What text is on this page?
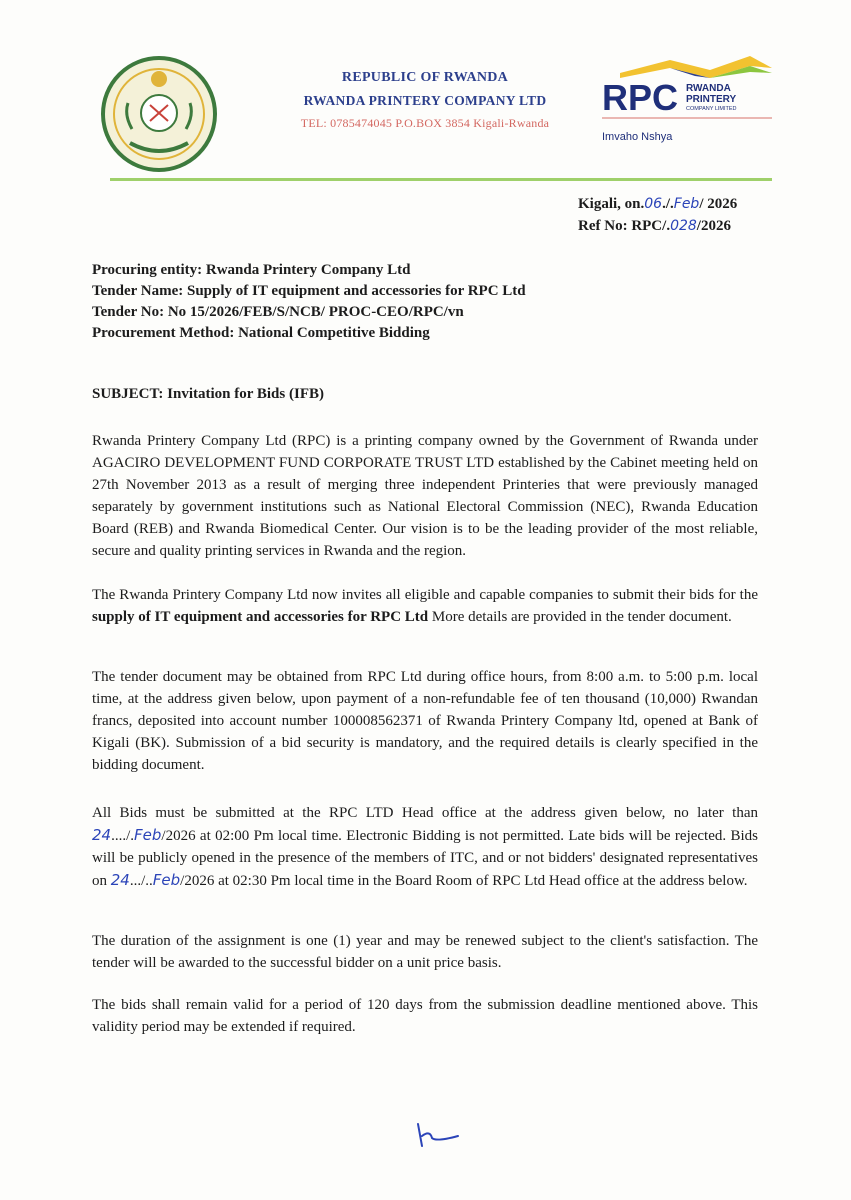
REPUBLIC OF RWANDA

RWANDA PRINTERY COMPANY LTD

TEL: 0785474045 P.O.BOX 3854 Kigali-Rwanda

RPC RWANDA
PRINTERY
COMPANY LIMITED
Imvaho Nshya
Kigali, on.06./.Feb/ 2026
Ref No: RPC/.028/2026
Procuring entity: Rwanda Printery Company Ltd
Tender Name: Supply of IT equipment and accessories for RPC Ltd
Tender No: No 15/2026/FEB/S/NCB/ PROC-CEO/RPC/vn
Procurement Method: National Competitive Bidding
SUBJECT: Invitation for Bids (IFB)

Rwanda Printery Company Ltd (RPC) is a printing company owned by the Government of Rwanda under AGACIRO DEVELOPMENT FUND CORPORATE TRUST LTD established by the Cabinet meeting held on 27th November 2013 as a result of merging three independent Printeries that were previously managed separately by government institutions such as National Electoral Commission (NEC), Rwanda Education Board (REB) and Rwanda Biomedical Center. Our vision is to be the leading provider of the most reliable, secure and quality printing services in Rwanda and the region.

The Rwanda Printery Company Ltd now invites all eligible and capable companies to submit their bids for the supply of IT equipment and accessories for RPC Ltd More details are provided in the tender document.

The tender document may be obtained from RPC Ltd during office hours, from 8:00 a.m. to 5:00 p.m. local time, at the address given below, upon payment of a non-refundable fee of ten thousand (10,000) Rwandan francs, deposited into account number 100008562371 of Rwanda Printery Company ltd, opened at Bank of Kigali (BK). Submission of a bid security is mandatory, and the required details is clearly specified in the bidding document.

All Bids must be submitted at the RPC LTD Head office at the address given below, no later than 24..../.Feb/2026 at 02:00 Pm local time. Electronic Bidding is not permitted. Late bids will be rejected. Bids will be publicly opened in the presence of the members of ITC, and or not bidders' designated representatives on 24.../..Feb/2026 at 02:30 Pm local time in the Board Room of RPC Ltd Head office at the address below.

The duration of the assignment is one (1) year and may be renewed subject to the client's satisfaction. The tender will be awarded to the successful bidder on a unit price basis.

The bids shall remain valid for a period of 120 days from the submission deadline mentioned above. This validity period may be extended if required.
